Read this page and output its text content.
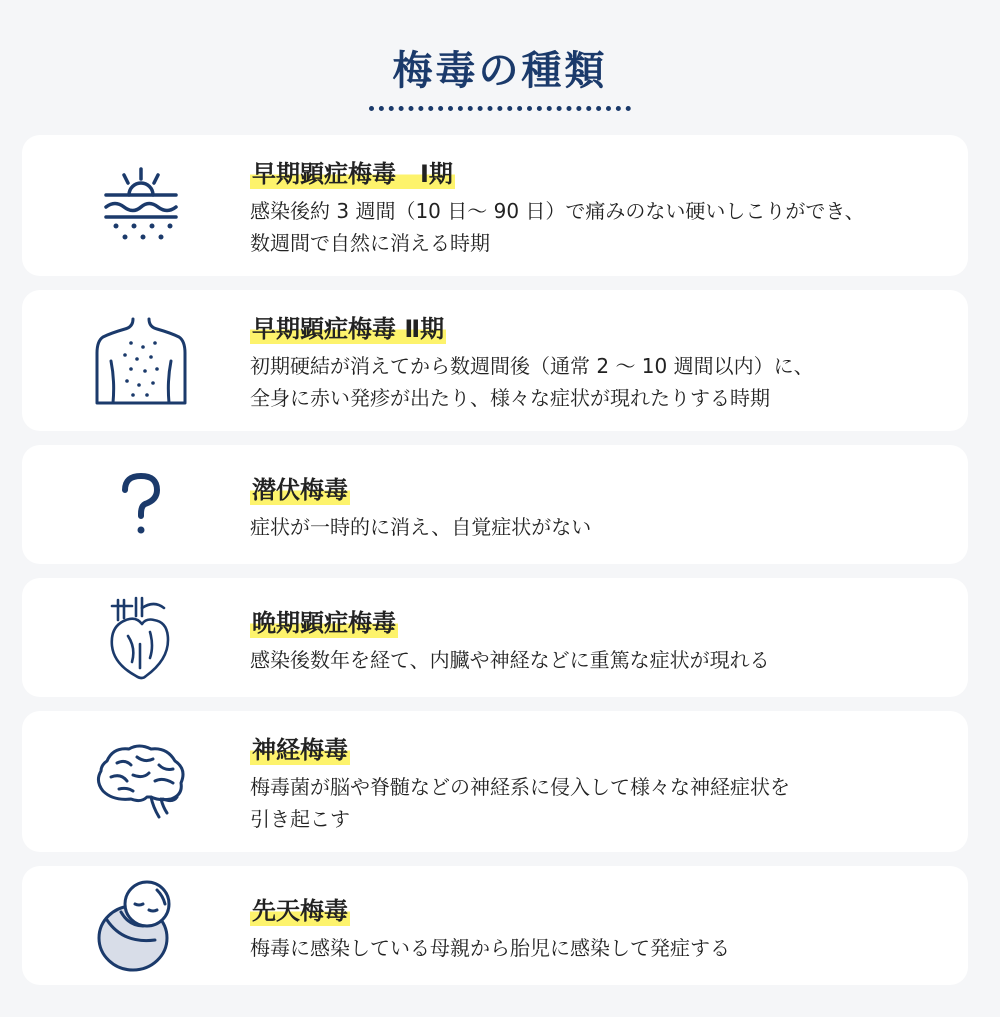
梅毒の種類
早期顕症梅毒　Ⅰ期
感染後約 3 週間（10 日〜 90 日）で痛みのない硬いしこりができ、
数週間で自然に消える時期
早期顕症梅毒 Ⅱ期
初期硬結が消えてから数週間後（通常 2 〜 10 週間以内）に、
全身に赤い発疹が出たり、様々な症状が現れたりする時期
潜伏梅毒
症状が一時的に消え、自覚症状がない
晩期顕症梅毒
感染後数年を経て、内臓や神経などに重篤な症状が現れる
神経梅毒
梅毒菌が脳や脊髄などの神経系に侵入して様々な神経症状を
引き起こす
先天梅毒
梅毒に感染している母親から胎児に感染して発症する
